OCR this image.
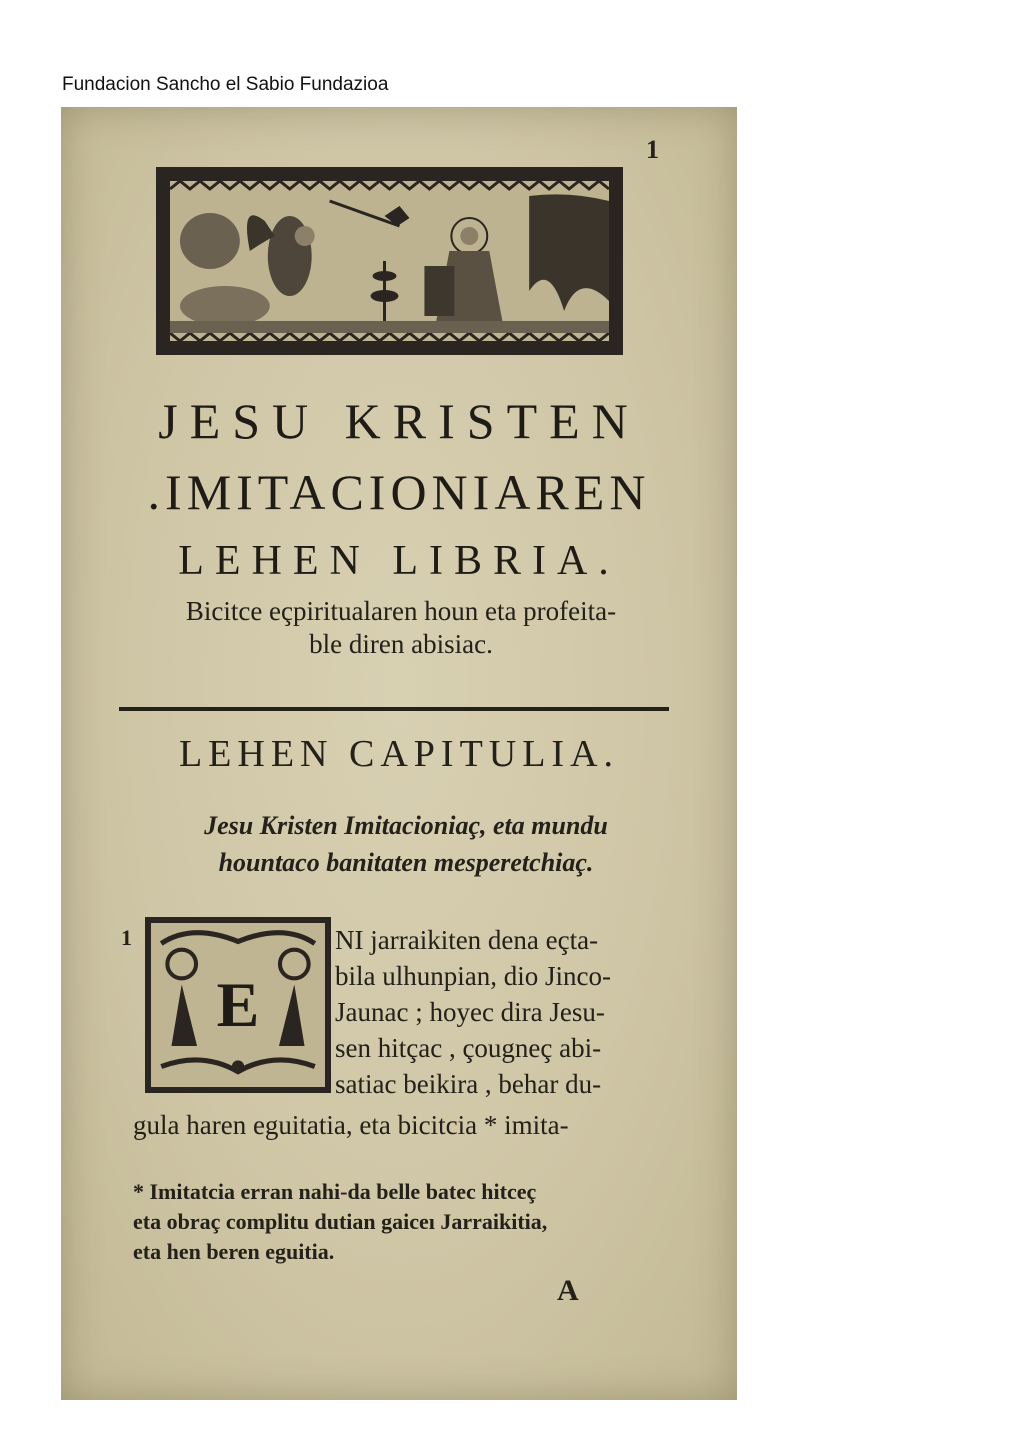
Fundacion Sancho el Sabio Fundazioa
1
JESU KRISTEN
.IMITACIONIAREN
LEHEN LIBRIA.
Bicitce eçpiritualaren houn eta profeita-
ble diren abisiac.
LEHEN CAPITULIA.
Jesu Kristen Imitacioniaç, eta mundu
hountaco banitaten mesperetchiaç.
1
E
NI jarraikiten dena eçta-
bila ulhunpian, dio Jinco-
Jaunac ; hoyec dira Jesu-
sen hitçac , çougneç abi-
satiac beikira , behar du-
gula haren eguitatia, eta bicitcia * imita-
* Imitatcia erran nahi-da belle batec hitceç
eta obraç complitu dutian gaiceı Jarraikitia,
eta hen beren eguitia.
A
